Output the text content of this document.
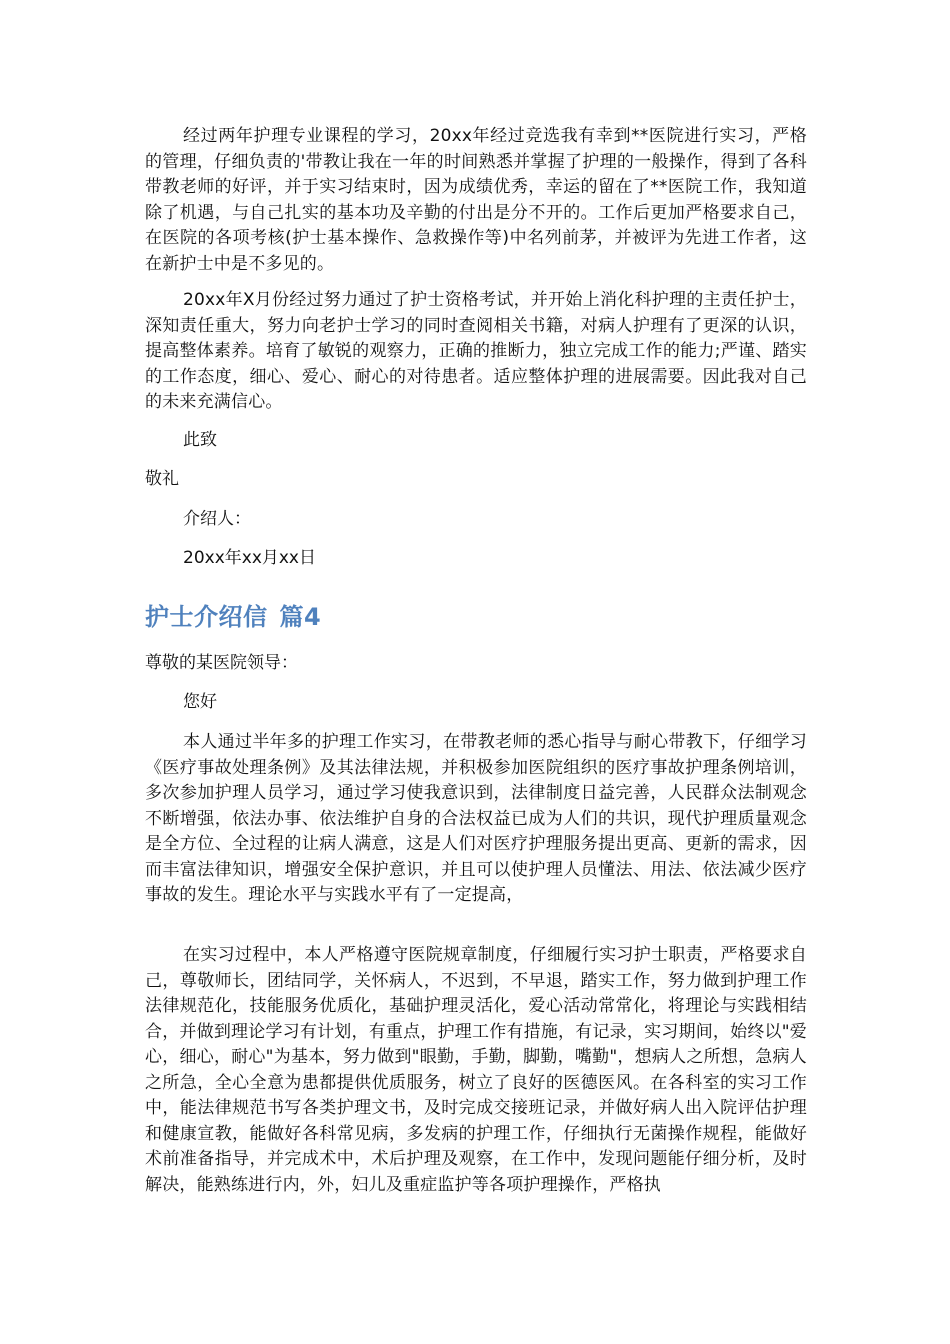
经过两年护理专业课程的学习，20xx年经过竞选我有幸到**医院进行实习，严格的管理，仔细负责的'带教让我在一年的时间熟悉并掌握了护理的一般操作，得到了各科带教老师的好评，并于实习结束时，因为成绩优秀，幸运的留在了**医院工作，我知道除了机遇，与自己扎实的基本功及辛勤的付出是分不开的。工作后更加严格要求自己，在医院的各项考核(护士基本操作、急救操作等)中名列前茅，并被评为先进工作者，这在新护士中是不多见的。

20xx年X月份经过努力通过了护士资格考试，并开始上消化科护理的主责任护士，深知责任重大，努力向老护士学习的同时查阅相关书籍，对病人护理有了更深的认识，提高整体素养。培育了敏锐的观察力，正确的推断力，独立完成工作的能力;严谨、踏实的工作态度，细心、爱心、耐心的对待患者。适应整体护理的进展需要。因此我对自己的未来充满信心。

此致

敬礼

介绍人：

20xx年xx月xx日

护士介绍信 篇4

尊敬的某医院领导：

您好

本人通过半年多的护理工作实习，在带教老师的悉心指导与耐心带教下，仔细学习《医疗事故处理条例》及其法律法规，并积极参加医院组织的医疗事故护理条例培训，多次参加护理人员学习，通过学习使我意识到，法律制度日益完善，人民群众法制观念不断增强，依法办事、依法维护自身的合法权益已成为人们的共识，现代护理质量观念是全方位、全过程的让病人满意，这是人们对医疗护理服务提出更高、更新的需求，因而丰富法律知识，增强安全保护意识，并且可以使护理人员懂法、用法、依法减少医疗事故的发生。理论水平与实践水平有了一定提高，

在实习过程中，本人严格遵守医院规章制度，仔细履行实习护士职责，严格要求自己，尊敬师长，团结同学，关怀病人，不迟到，不早退，踏实工作，努力做到护理工作法律规范化，技能服务优质化，基础护理灵活化，爱心活动常常化，将理论与实践相结合，并做到理论学习有计划，有重点，护理工作有措施，有记录，实习期间，始终以"爱心，细心，耐心"为基本，努力做到"眼勤，手勤，脚勤，嘴勤"，想病人之所想，急病人之所急，全心全意为患都提供优质服务，树立了良好的医德医风。在各科室的实习工作中，能法律规范书写各类护理文书，及时完成交接班记录，并做好病人出入院评估护理和健康宣教，能做好各科常见病，多发病的护理工作，仔细执行无菌操作规程，能做好术前准备指导，并完成术中，术后护理及观察，在工作中，发现问题能仔细分析，及时解决，能熟练进行内，外，妇儿及重症监护等各项护理操作，严格执
